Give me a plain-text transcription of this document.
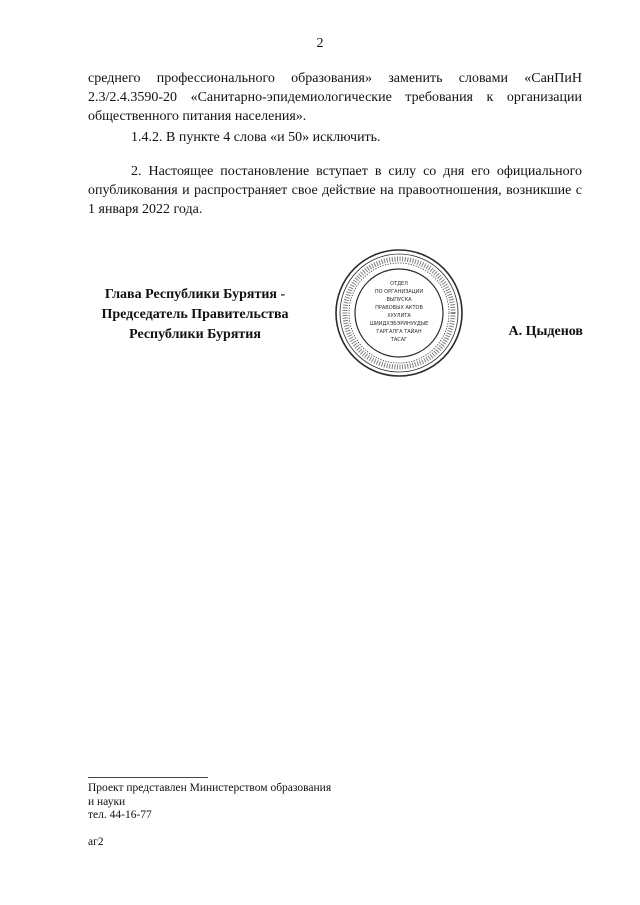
2

среднего профессионального образования» заменить словами «СанПиН 2.3/2.4.3590-20 «Санитарно-эпидемиологические требования к организации общественного питания населения».

1.4.2. В пункте 4 слова «и 50» исключить.

2. Настоящее постановление вступает в силу со дня его официального опубликования и распространяет свое действие на правоотношения, возникшие с 1 января 2022 года.

Глава Республики Бурятия -
Председатель Правительства
Республики Бурятия
ОТДЕЛ
ПО ОРГАНИЗАЦИИ
ВЫПУСКА
ПРАВОВЫХ АКТОВ
ХУУЛИТА
ШИИДХЭБЭРИНУУДЫЕ
ГАРГАЛГА ТАЙАН
ТАСАГ
А. Цыденов
Проект представлен Министерством образования
и науки
тел. 44-16-77
аг2
